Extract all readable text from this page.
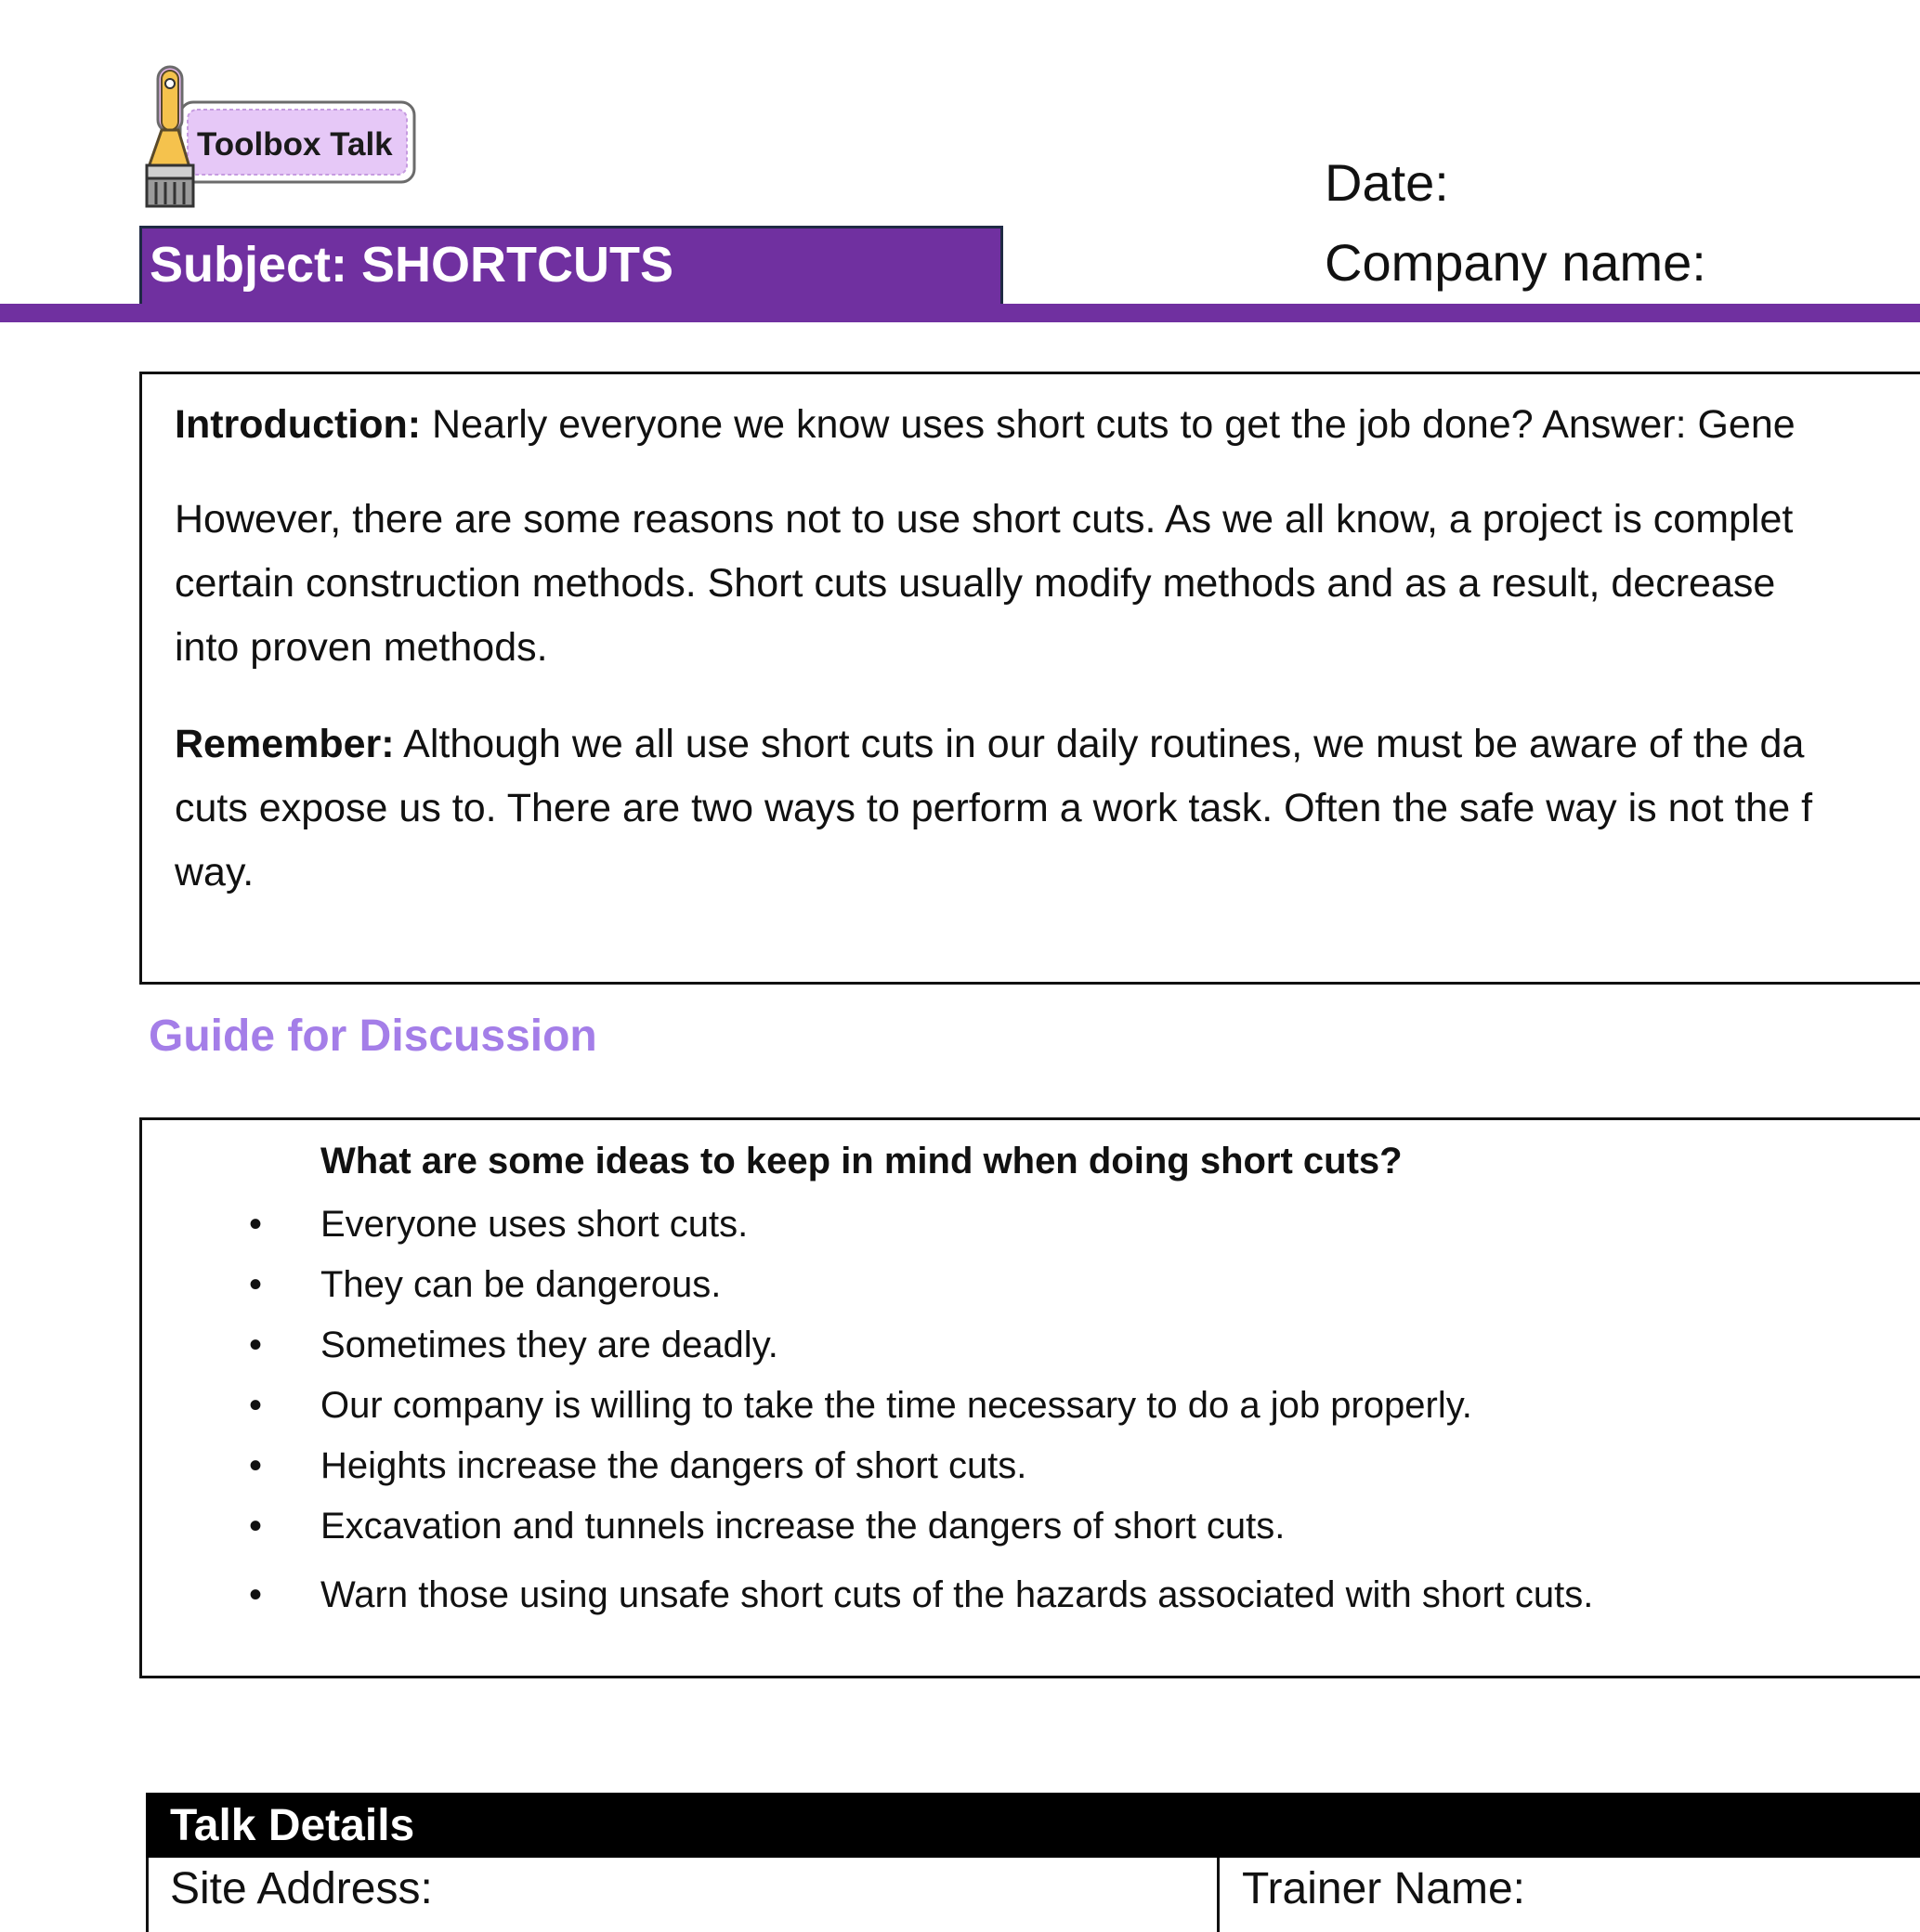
Toolbox Talk
Subject: SHORTCUTS
Date:
Company name:

Introduction: Nearly everyone we know uses short cuts to get the job done? Answer: Gene

However, there are some reasons not to use short cuts. As we all know, a project is complet
certain construction methods. Short cuts usually modify methods and as a result, decrease
into proven methods.

Remember: Although we all use short cuts in our daily routines, we must be aware of the da
cuts expose us to. There are two ways to perform a work task. Often the safe way is not the f
way.

Guide for Discussion
What are some ideas to keep in mind when doing short cuts?
• Everyone uses short cuts.
• They can be dangerous.
• Sometimes they are deadly.
• Our company is willing to take the time necessary to do a job properly.
• Heights increase the dangers of short cuts.
• Excavation and tunnels increase the dangers of short cuts.
• Warn those using unsafe short cuts of the hazards associated with short cuts.
Talk Details
Site Address:	Trainer Name:
